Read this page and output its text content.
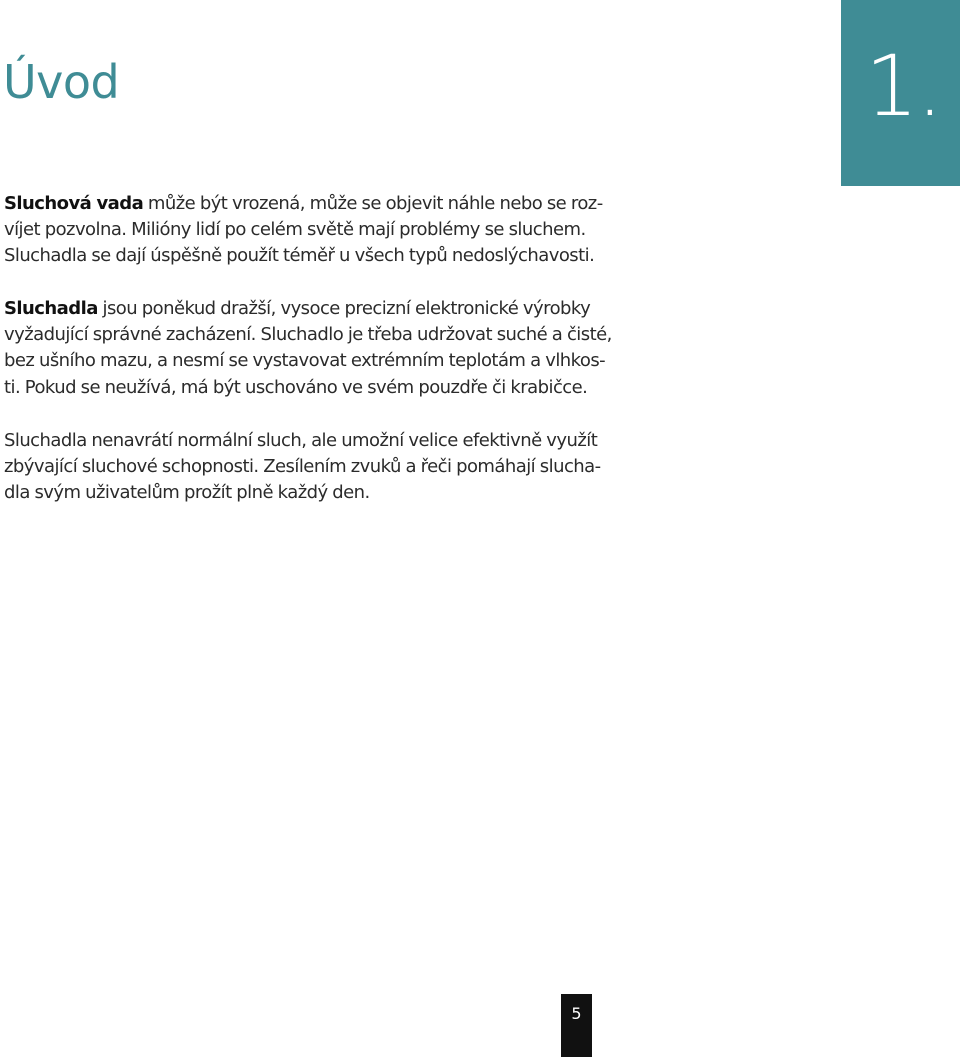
1.
Úvod

Sluchová vada může být vrozená, může se objevit náhle nebo se roz-

víjet pozvolna. Milióny lidí po celém světě mají problémy se sluchem.

Sluchadla se dají úspěšně použít téměř u všech typů nedoslýchavosti.

Sluchadla jsou poněkud dražší, vysoce precizní elektronické výrobky

vyžadující správné zacházení. Sluchadlo je třeba udržovat suché a čisté,

bez ušního mazu, a nesmí se vystavovat extrémním teplotám a vlhkos-

ti. Pokud se neužívá, má být uschováno ve svém pouzdře či krabičce.

Sluchadla nenavrátí normální sluch, ale umožní velice efektivně využít

zbývající sluchové schopnosti. Zesílením zvuků a řeči pomáhají slucha-

dla svým uživatelům prožít plně každý den.

5
